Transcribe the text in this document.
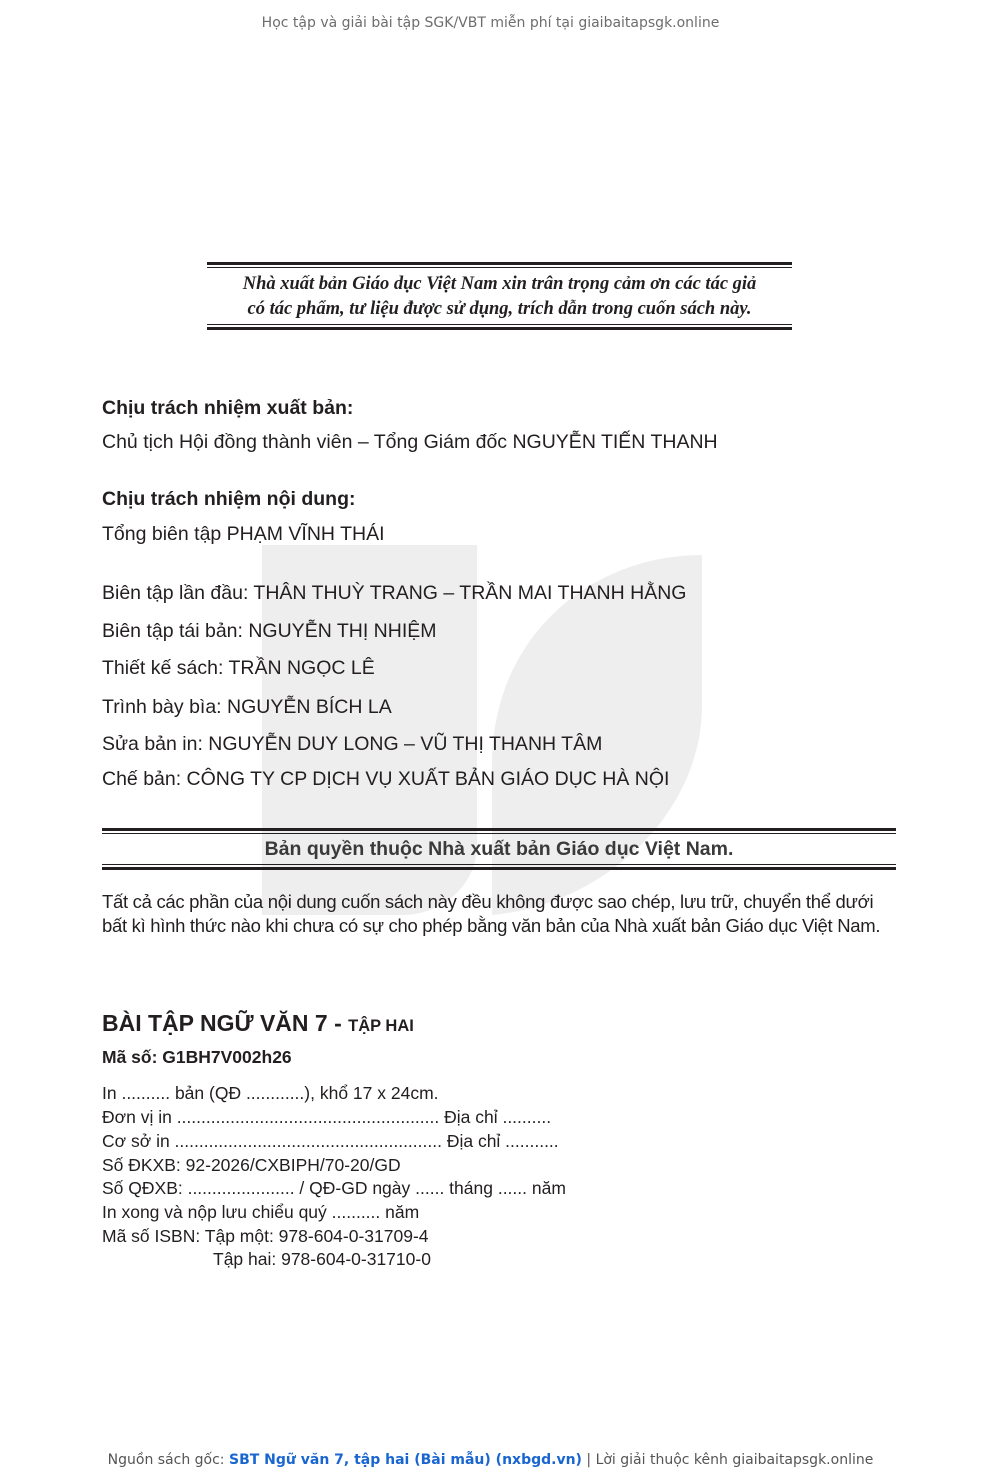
Học tập và giải bài tập SGK/VBT miễn phí tại giaibaitapsgk.online
Nhà xuất bản Giáo dục Việt Nam xin trân trọng cảm ơn các tác giả
có tác phẩm, tư liệu được sử dụng, trích dẫn trong cuốn sách này.
Chịu trách nhiệm xuất bản:
Chủ tịch Hội đồng thành viên – Tổng Giám đốc NGUYỄN TIẾN THANH
Chịu trách nhiệm nội dung:
Tổng biên tập PHẠM VĨNH THÁI
Biên tập lần đầu: THÂN THUỲ TRANG – TRẦN MAI THANH HẰNG
Biên tập tái bản: NGUYỄN THỊ NHIỆM
Thiết kế sách: TRẦN NGỌC LÊ
Trình bày bìa: NGUYỄN BÍCH LA
Sửa bản in: NGUYỄN DUY LONG – VŨ THỊ THANH TÂM
Chế bản: CÔNG TY CP DỊCH VỤ XUẤT BẢN GIÁO DỤC HÀ NỘI
Bản quyền thuộc Nhà xuất bản Giáo dục Việt Nam.
Tất cả các phần của nội dung cuốn sách này đều không được sao chép, lưu trữ, chuyển thể dưới
bất kì hình thức nào khi chưa có sự cho phép bằng văn bản của Nhà xuất bản Giáo dục Việt Nam.
BÀI TẬP NGỮ VĂN 7 - TẬP HAI
Mã số: G1BH7V002h26
In .......... bản (QĐ ............), khổ 17 x 24cm.
Đơn vị in ...................................................... Địa chỉ ..........
Cơ sở in ....................................................... Địa chỉ ...........
Số ĐKXB: 92-2026/CXBIPH/70-20/GD
Số QĐXB: ...................... / QĐ-GD ngày ...... tháng ...... năm
In xong và nộp lưu chiểu quý .......... năm
Mã số ISBN: Tập một: 978-604-0-31709-4
Tập hai: 978-604-0-31710-0
Nguồn sách gốc: SBT Ngữ văn 7, tập hai (Bài mẫu) (nxbgd.vn) | Lời giải thuộc kênh giaibaitapsgk.online
